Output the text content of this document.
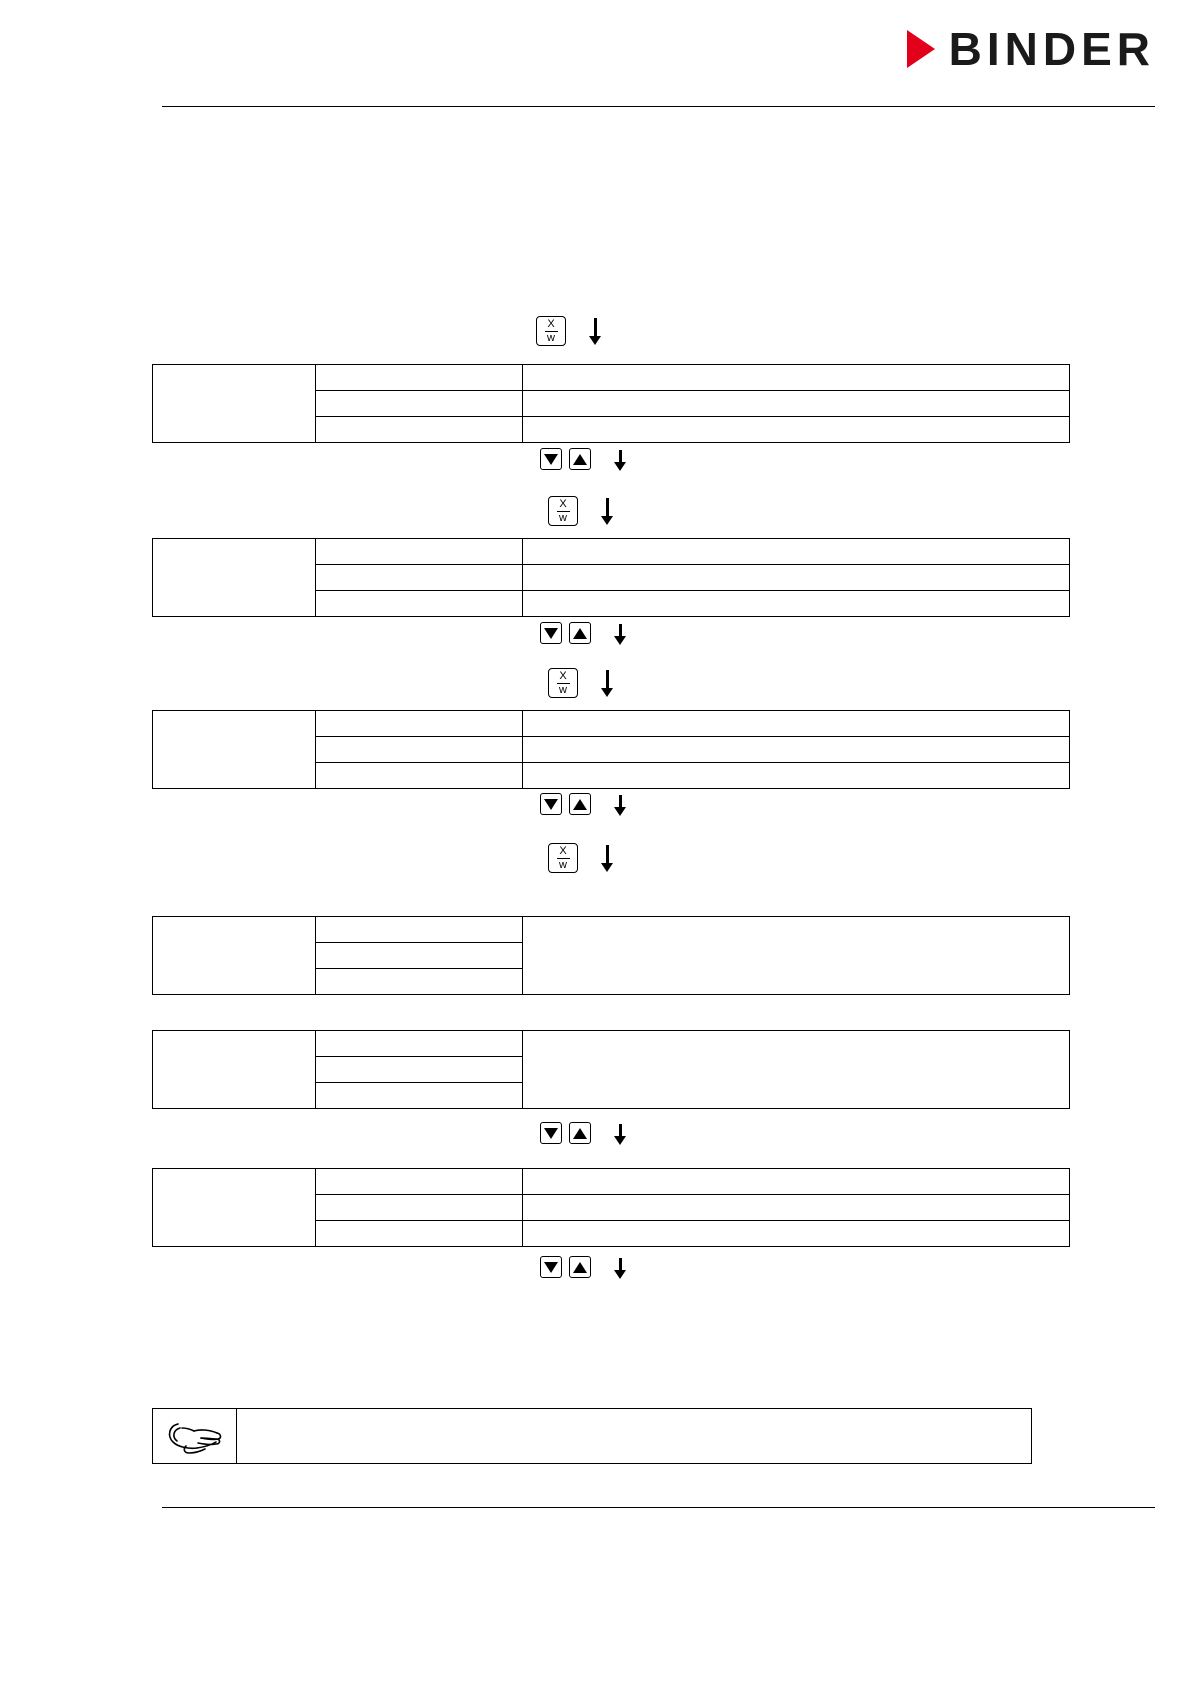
BINDER
X
w

X
w

X
w

X
w
